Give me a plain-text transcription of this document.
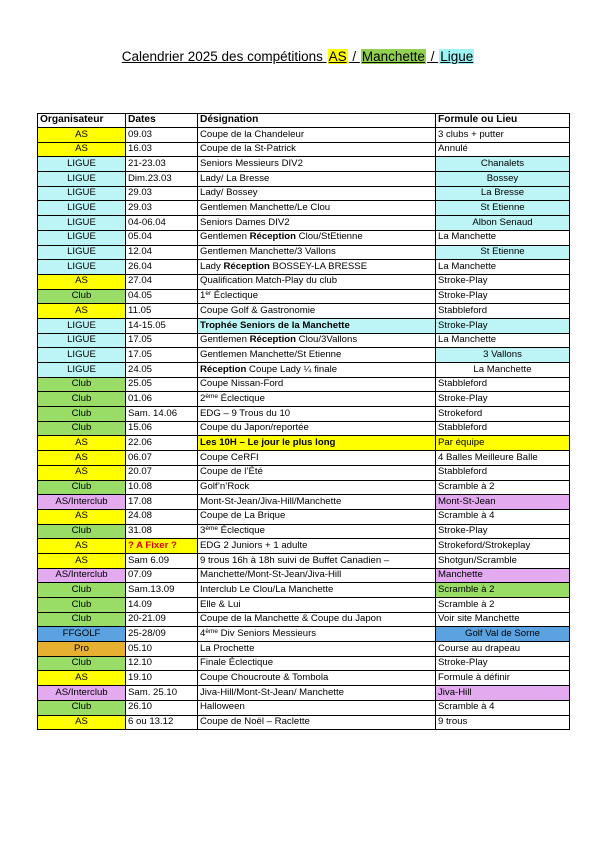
Calendrier 2025 des compétitions AS / Manchette / Ligue
Organisateur	Dates	Désignation	Formule ou Lieu
AS	09.03	Coupe de la Chandeleur	3 clubs + putter
AS	16.03	Coupe de la St-Patrick	Annulé
LIGUE	21-23.03	Seniors Messieurs DIV2	Chanalets
LIGUE	Dim.23.03	Lady/ La Bresse	Bossey
LIGUE	29.03	Lady/ Bossey	La Bresse
LIGUE	29.03	Gentlemen Manchette/Le Clou	St Etienne
LIGUE	04-06.04	Seniors Dames DIV2	Albon Senaud
LIGUE	05.04	Gentlemen Réception Clou/StEtienne	La Manchette
LIGUE	12.04	Gentlemen Manchette/3 Vallons	St Etienne
LIGUE	26.04	Lady Réception BOSSEY-LA BRESSE	La Manchette
AS	27.04	Qualification Match-Play du club	Stroke-Play
Club	04.05	1er Éclectique	Stroke-Play
AS	11.05	Coupe Golf & Gastronomie	Stabbleford
LIGUE	14-15.05	Trophée Seniors de la Manchette	Stroke-Play
LIGUE	17.05	Gentlemen Réception Clou/3Vallons	La Manchette
LIGUE	17.05	Gentlemen Manchette/St Etienne	3 Vallons
LIGUE	24.05	Réception Coupe Lady ¼ finale	La Manchette
Club	25.05	Coupe Nissan-Ford	Stabbleford
Club	01.06	2ème Éclectique	Stroke-Play
Club	Sam. 14.06	EDG – 9 Trous du 10	Strokeford
Club	15.06	Coupe du Japon/reportée	Stabbleford
AS	22.06	Les 10H – Le jour le plus long	Par équipe
AS	06.07	Coupe CeRFI	4 Balles Meilleure Balle
AS	20.07	Coupe de l’Été	Stabbleford
Club	10.08	Golf’n’Rock	Scramble à 2
AS/Interclub	17.08	Mont-St-Jean/Jiva-Hill/Manchette	Mont-St-Jean
AS	24.08	Coupe de La Brique	Scramble à 4
Club	31.08	3ème Éclectique	Stroke-Play
AS	? A Fixer ?	EDG 2 Juniors + 1 adulte	Strokeford/Strokeplay
AS	Sam 6.09	9 trous 16h à 18h suivi de Buffet Canadien –	Shotgun/Scramble
AS/Interclub	07.09	Manchette/Mont-St-Jean/Jiva-Hill	Manchette
Club	Sam.13.09	Interclub Le Clou/La Manchette	Scramble à 2
Club	14.09	Elle & Lui	Scramble à 2
Club	20-21.09	Coupe de la Manchette & Coupe du Japon	Voir site Manchette
FFGOLF	25-28/09	4ème Div Seniors Messieurs	Golf Val de Sorne
Pro	05.10	La Prochette	Course au drapeau
Club	12.10	Finale Éclectique	Stroke-Play
AS	19.10	Coupe Choucroute & Tombola	Formule à définir
AS/Interclub	Sam. 25.10	Jiva-Hill/Mont-St-Jean/ Manchette	Jiva-Hill
Club	26.10	Halloween	Scramble à 4
AS	6 ou 13.12	Coupe de Noël – Raclette	9 trous
